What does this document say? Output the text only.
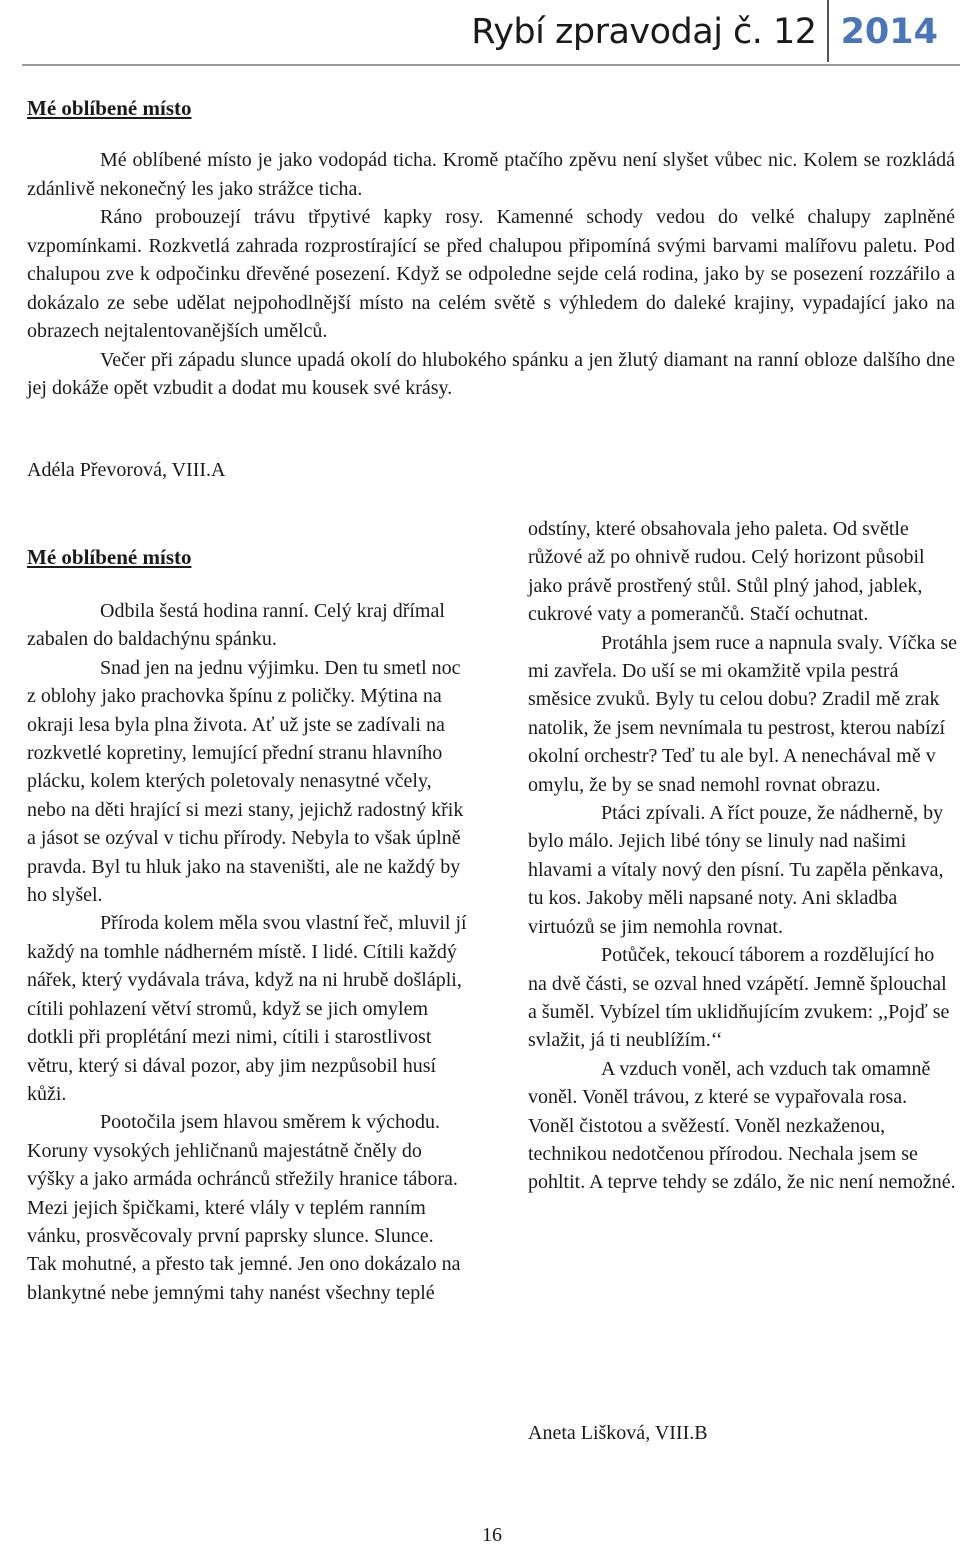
Rybí zpravodaj č. 12 2014
Mé oblíbené místo

Mé oblíbené místo je jako vodopád ticha. Kromě ptačího zpěvu není slyšet vůbec nic. Kolem se rozkládá zdánlivě nekonečný les jako strážce ticha.

Ráno probouzejí trávu třpytivé kapky rosy. Kamenné schody vedou do velké chalupy zaplněné vzpomínkami. Rozkvetlá zahrada rozprostírající se před chalupou připomíná svými barvami malířovu paletu. Pod chalupou zve k odpočinku dřevěné posezení. Když se odpoledne sejde celá rodina, jako by se posezení rozzářilo a dokázalo ze sebe udělat nejpohodlnější místo na celém světě s výhledem do daleké krajiny, vypadající jako na obrazech nejtalentovanějších umělců.

Večer při západu slunce upadá okolí do hlubokého spánku a jen žlutý diamant na ranní obloze dalšího dne jej dokáže opět vzbudit a dodat mu kousek své krásy.

Adéla Převorová, VIII.A
Mé oblíbené místo

Odbila šestá hodina ranní. Celý kraj dřímal zabalen do baldachýnu spánku.

Snad jen na jednu výjimku. Den tu smetl noc z oblohy jako prachovka špínu z poličky. Mýtina na okraji lesa byla plna života. Ať už jste se zadívali na rozkvetlé kopretiny, lemující přední stranu hlavního plácku, kolem kterých poletovaly nenasytné včely, nebo na děti hrající si mezi stany, jejichž radostný křik a jásot se ozýval v tichu přírody. Nebyla to však úplně pravda. Byl tu hluk jako na staveništi, ale ne každý by ho slyšel.

Příroda kolem měla svou vlastní řeč, mluvil jí každý na tomhle nádherném místě. I lidé. Cítili každý nářek, který vydávala tráva, když na ni hrubě došlápli, cítili pohlazení větví stromů, když se jich omylem dotkli při proplétání mezi nimi, cítili i starostlivost větru, který si dával pozor, aby jim nezpůsobil husí kůži.

Pootočila jsem hlavou směrem k východu. Koruny vysokých jehličnanů majestátně čněly do výšky a jako armáda ochránců střežily hranice tábora. Mezi jejich špičkami, které vlály v teplém ranním vánku, prosvěcovaly první paprsky slunce. Slunce. Tak mohutné, a přesto tak jemné. Jen ono dokázalo na blankytné nebe jemnými tahy nanést všechny teplé

odstíny, které obsahovala jeho paleta. Od světle růžové až po ohnivě rudou. Celý horizont působil jako právě prostřený stůl. Stůl plný jahod, jablek, cukrové vaty a pomerančů. Stačí ochutnat.

Protáhla jsem ruce a napnula svaly. Víčka se mi zavřela. Do uší se mi okamžitě vpila pestrá směsice zvuků. Byly tu celou dobu? Zradil mě zrak natolik, že jsem nevnímala tu pestrost, kterou nabízí okolní orchestr? Teď tu ale byl. A nenechával mě v omylu, že by se snad nemohl rovnat obrazu.

Ptáci zpívali. A říct pouze, že nádherně, by bylo málo. Jejich libé tóny se linuly nad našimi hlavami a vítaly nový den písní. Tu zapěla pěnkava, tu kos. Jakoby měli napsané noty. Ani skladba virtuózů se jim nemohla rovnat.

Potůček, tekoucí táborem a rozdělující ho na dvě části, se ozval hned vzápětí. Jemně šplouchal a šuměl. Vybízel tím uklidňujícím zvukem: ,,Pojď se svlažit, já ti neublížím.‘‘

A vzduch voněl, ach vzduch tak omamně voněl. Voněl trávou, z které se vypařovala rosa. Voněl čistotou a svěžestí. Voněl nezkaženou, technikou nedotčenou přírodou. Nechala jsem se pohltit. A teprve tehdy se zdálo, že nic není nemožné.

Aneta Lišková, VIII.B
16
